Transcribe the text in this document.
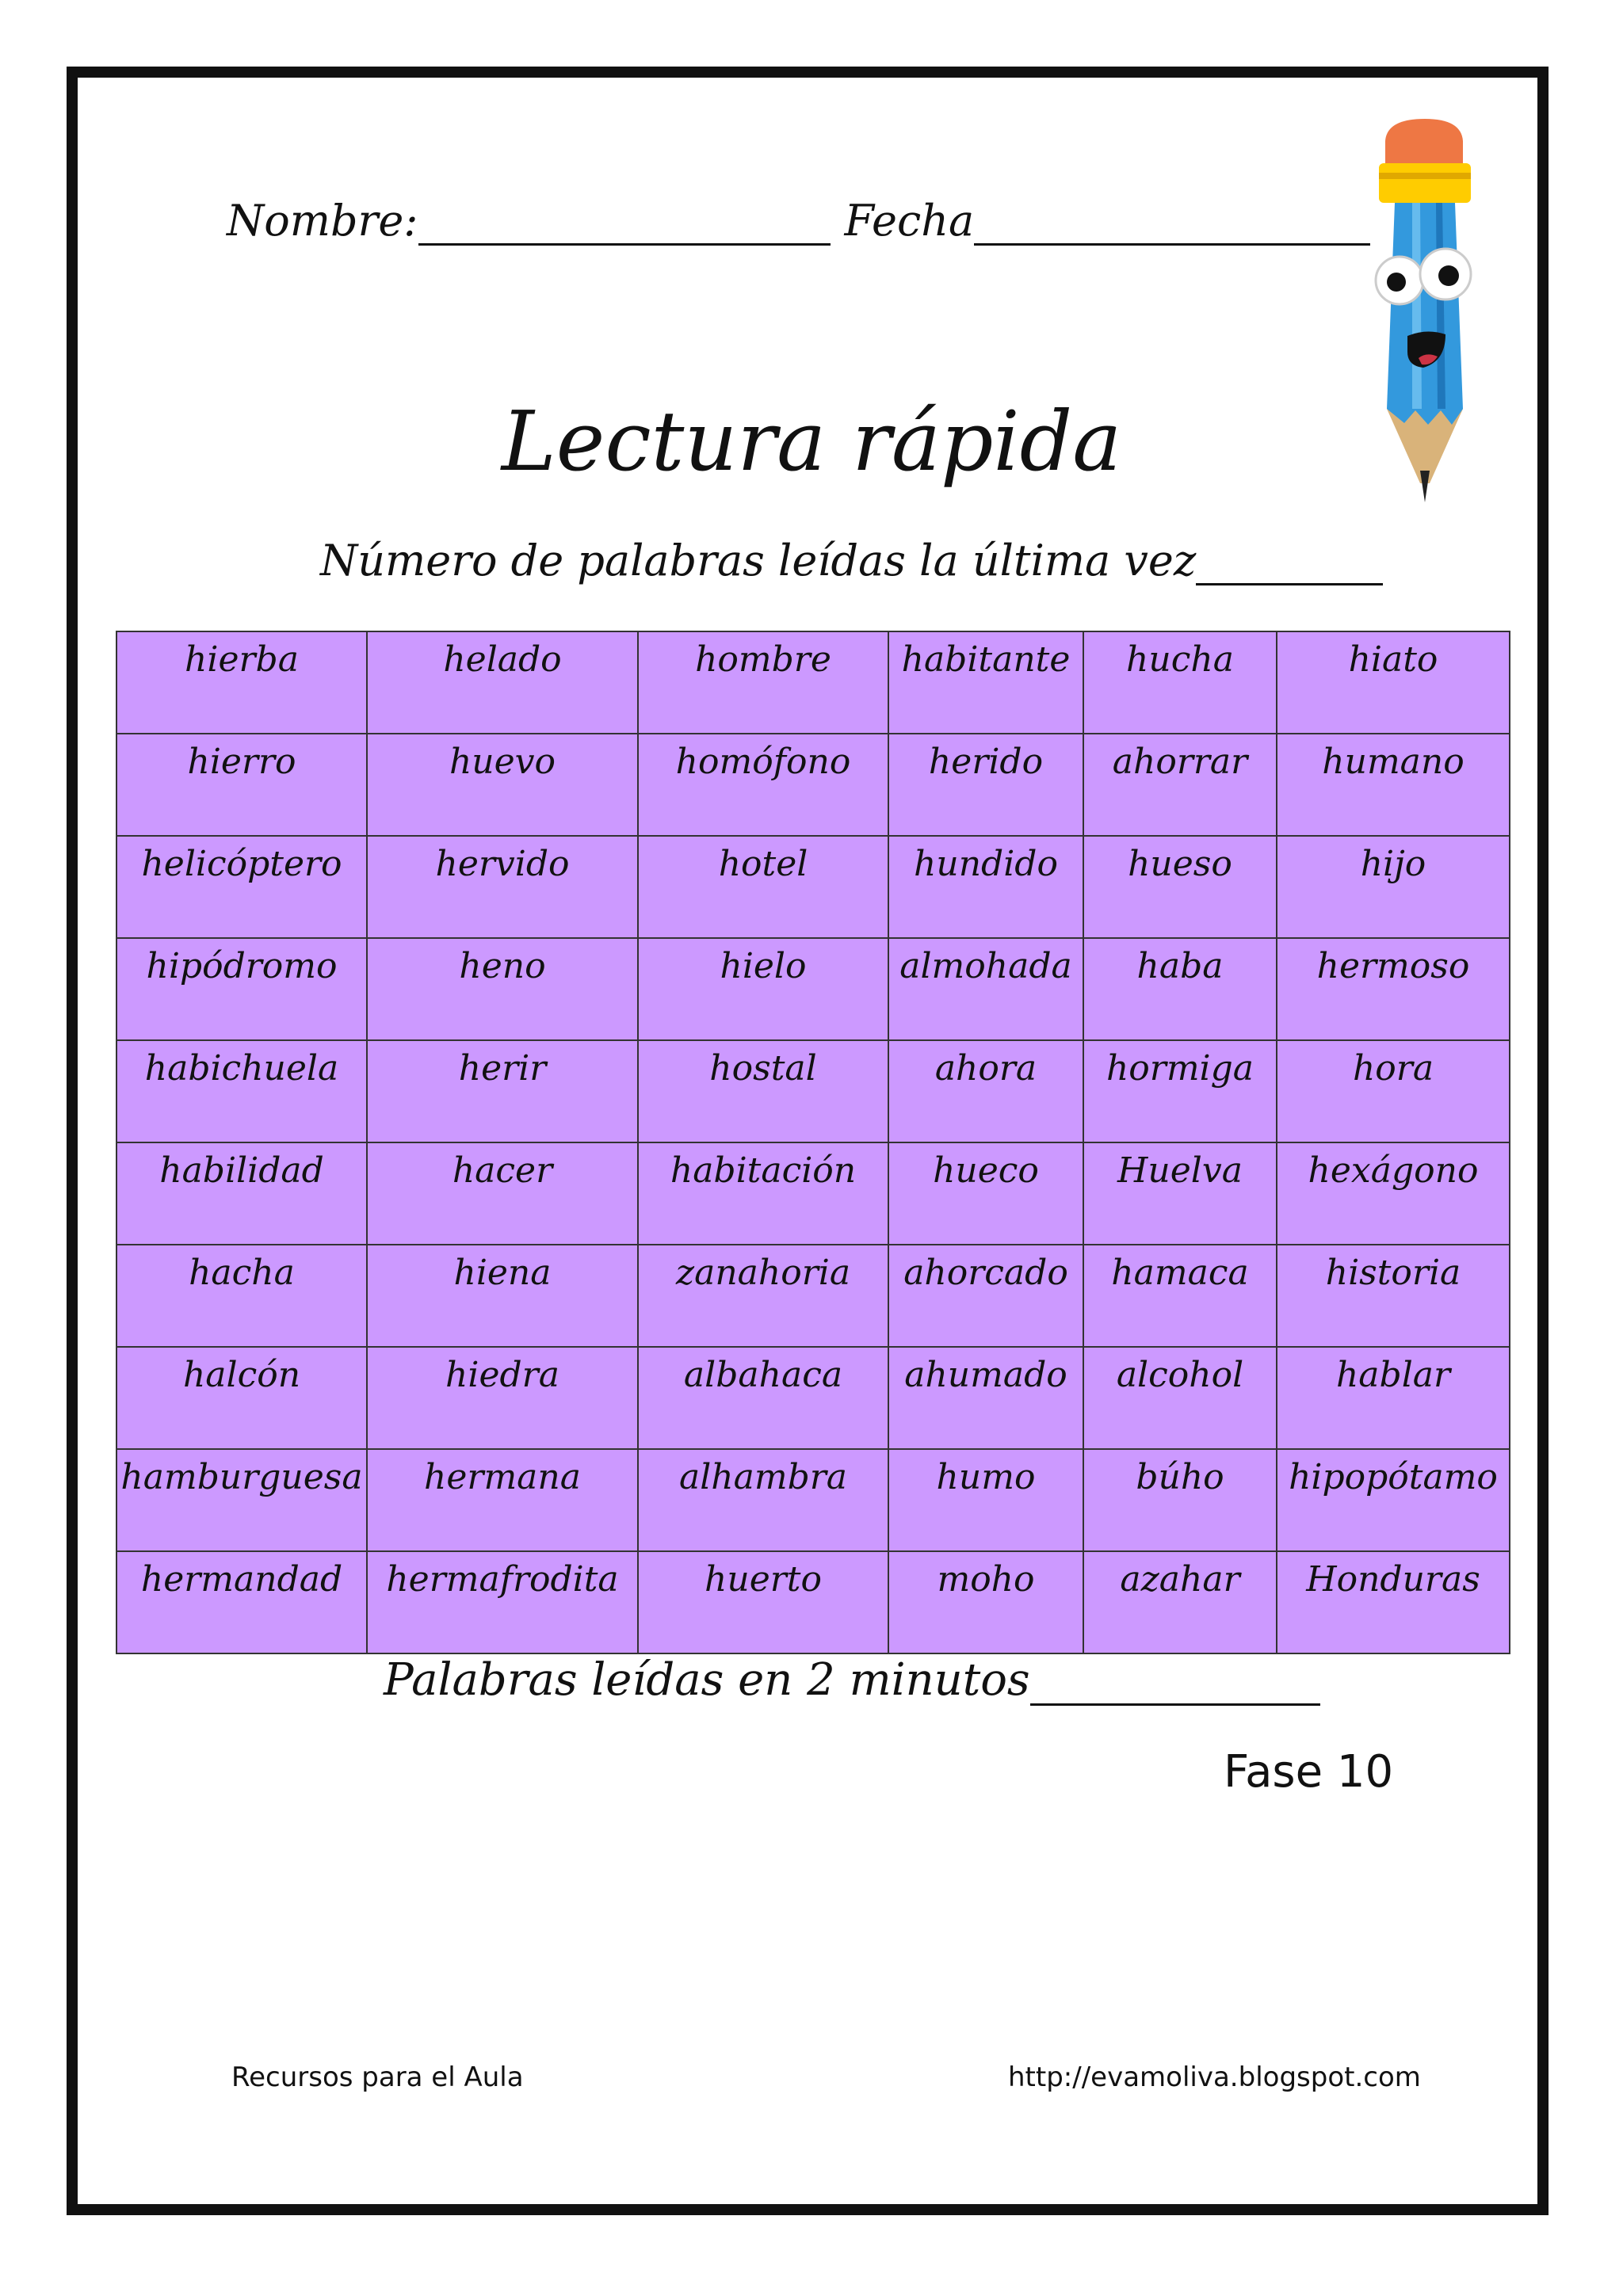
Nombre:	Fecha
Lectura rápida
Número de palabras leídas la última vez
hierba	helado	hombre	habitante	hucha	hiato
hierro	huevo	homófono	herido	ahorrar	humano
helicóptero	hervido	hotel	hundido	hueso	hijo
hipódromo	heno	hielo	almohada	haba	hermoso
habichuela	herir	hostal	ahora	hormiga	hora
habilidad	hacer	habitación	hueco	Huelva	hexágono
hacha	hiena	zanahoria	ahorcado	hamaca	historia
halcón	hiedra	albahaca	ahumado	alcohol	hablar
hamburguesa	hermana	alhambra	humo	búho	hipopótamo
hermandad	hermafrodita	huerto	moho	azahar	Honduras
Palabras leídas en 2 minutos
Fase 10
Recursos para el Aula	http://evamoliva.blogspot.com
